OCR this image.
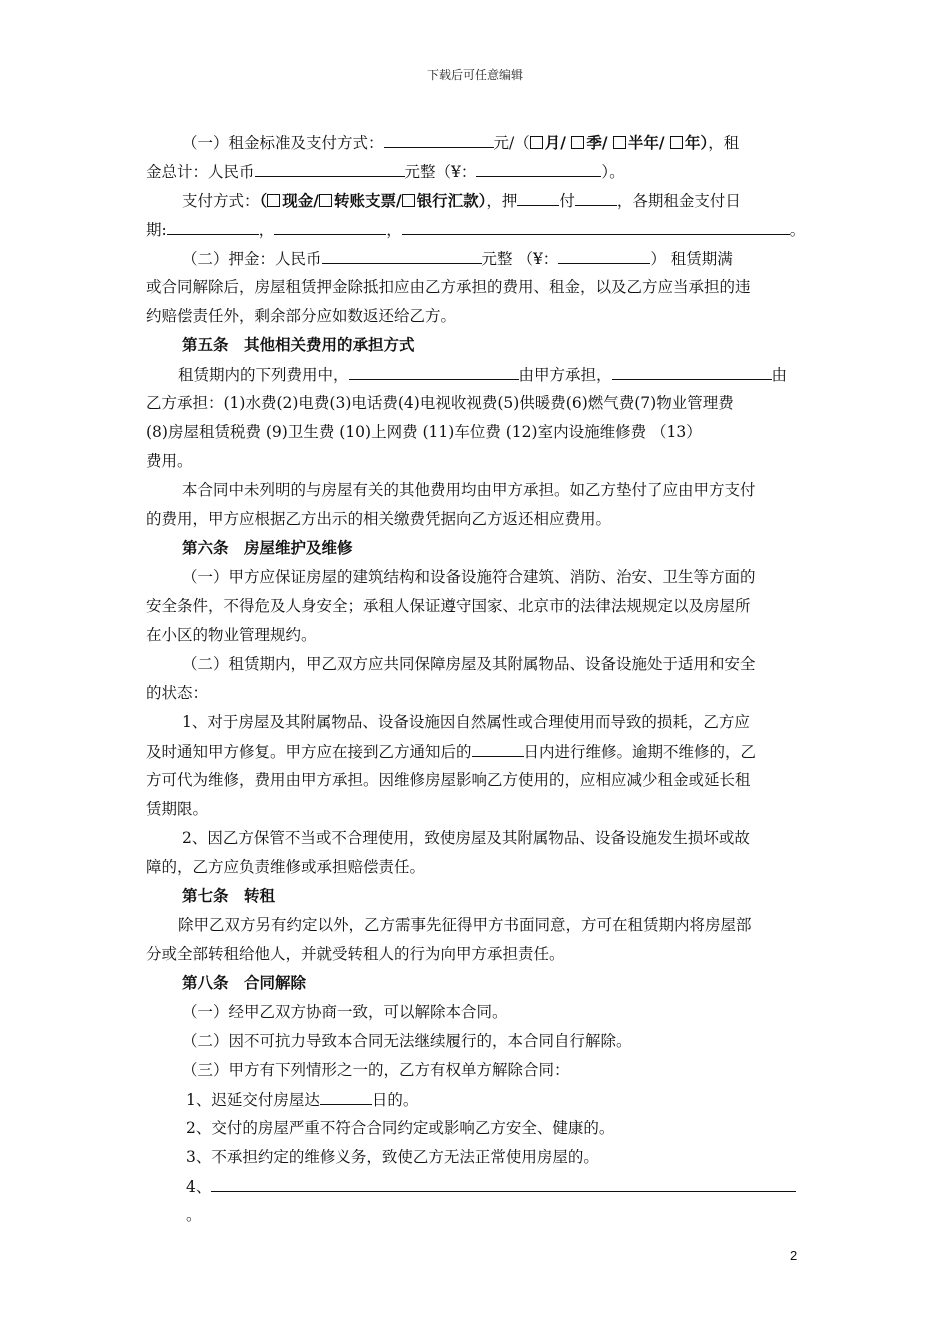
下载后可任意编辑
（一）租金标准及支付方式：	元/（ 月/ 季/ 半年/ 年），租
金总计：人民币	元整（¥：	）。
支付方式：（ 现金/ 转账支票/ 银行汇款），押	付	，各期租金支付日
期:	，	，	。
（二）押金：人民币	元整 （¥：	） 租赁期满
或合同解除后，房屋租赁押金除抵扣应由乙方承担的费用、租金，以及乙方应当承担的违
约赔偿责任外，剩余部分应如数返还给乙方。
第五条　其他相关费用的承担方式
租赁期内的下列费用中，	由甲方承担，	由
乙方承担：(1)水费(2)电费(3)电话费(4)电视收视费(5)供暖费(6)燃气费(7)物业管理费
(8)房屋租赁税费 (9)卫生费 (10)上网费 (11)车位费 (12)室内设施维修费 （13）
费用。
本合同中未列明的与房屋有关的其他费用均由甲方承担。如乙方垫付了应由甲方支付
的费用，甲方应根据乙方出示的相关缴费凭据向乙方返还相应费用。
第六条　房屋维护及维修
（一）甲方应保证房屋的建筑结构和设备设施符合建筑、消防、治安、卫生等方面的
安全条件，不得危及人身安全；承租人保证遵守国家、北京市的法律法规规定以及房屋所
在小区的物业管理规约。
（二）租赁期内，甲乙双方应共同保障房屋及其附属物品、设备设施处于适用和安全
的状态：
1、对于房屋及其附属物品、设备设施因自然属性或合理使用而导致的损耗，乙方应
及时通知甲方修复。甲方应在接到乙方通知后的	日内进行维修。逾期不维修的，乙
方可代为维修，费用由甲方承担。因维修房屋影响乙方使用的，应相应减少租金或延长租
赁期限。
2、因乙方保管不当或不合理使用，致使房屋及其附属物品、设备设施发生损坏或故
障的，乙方应负责维修或承担赔偿责任。
第七条　转租
除甲乙双方另有约定以外，乙方需事先征得甲方书面同意，方可在租赁期内将房屋部
分或全部转租给他人，并就受转租人的行为向甲方承担责任。
第八条　合同解除
（一）经甲乙双方协商一致，可以解除本合同。
（二）因不可抗力导致本合同无法继续履行的，本合同自行解除。
（三）甲方有下列情形之一的，乙方有权单方解除合同：
1、迟延交付房屋达	日的。
2、交付的房屋严重不符合合同约定或影响乙方安全、健康的。
3、不承担约定的维修义务，致使乙方无法正常使用房屋的。
4、
。
2
